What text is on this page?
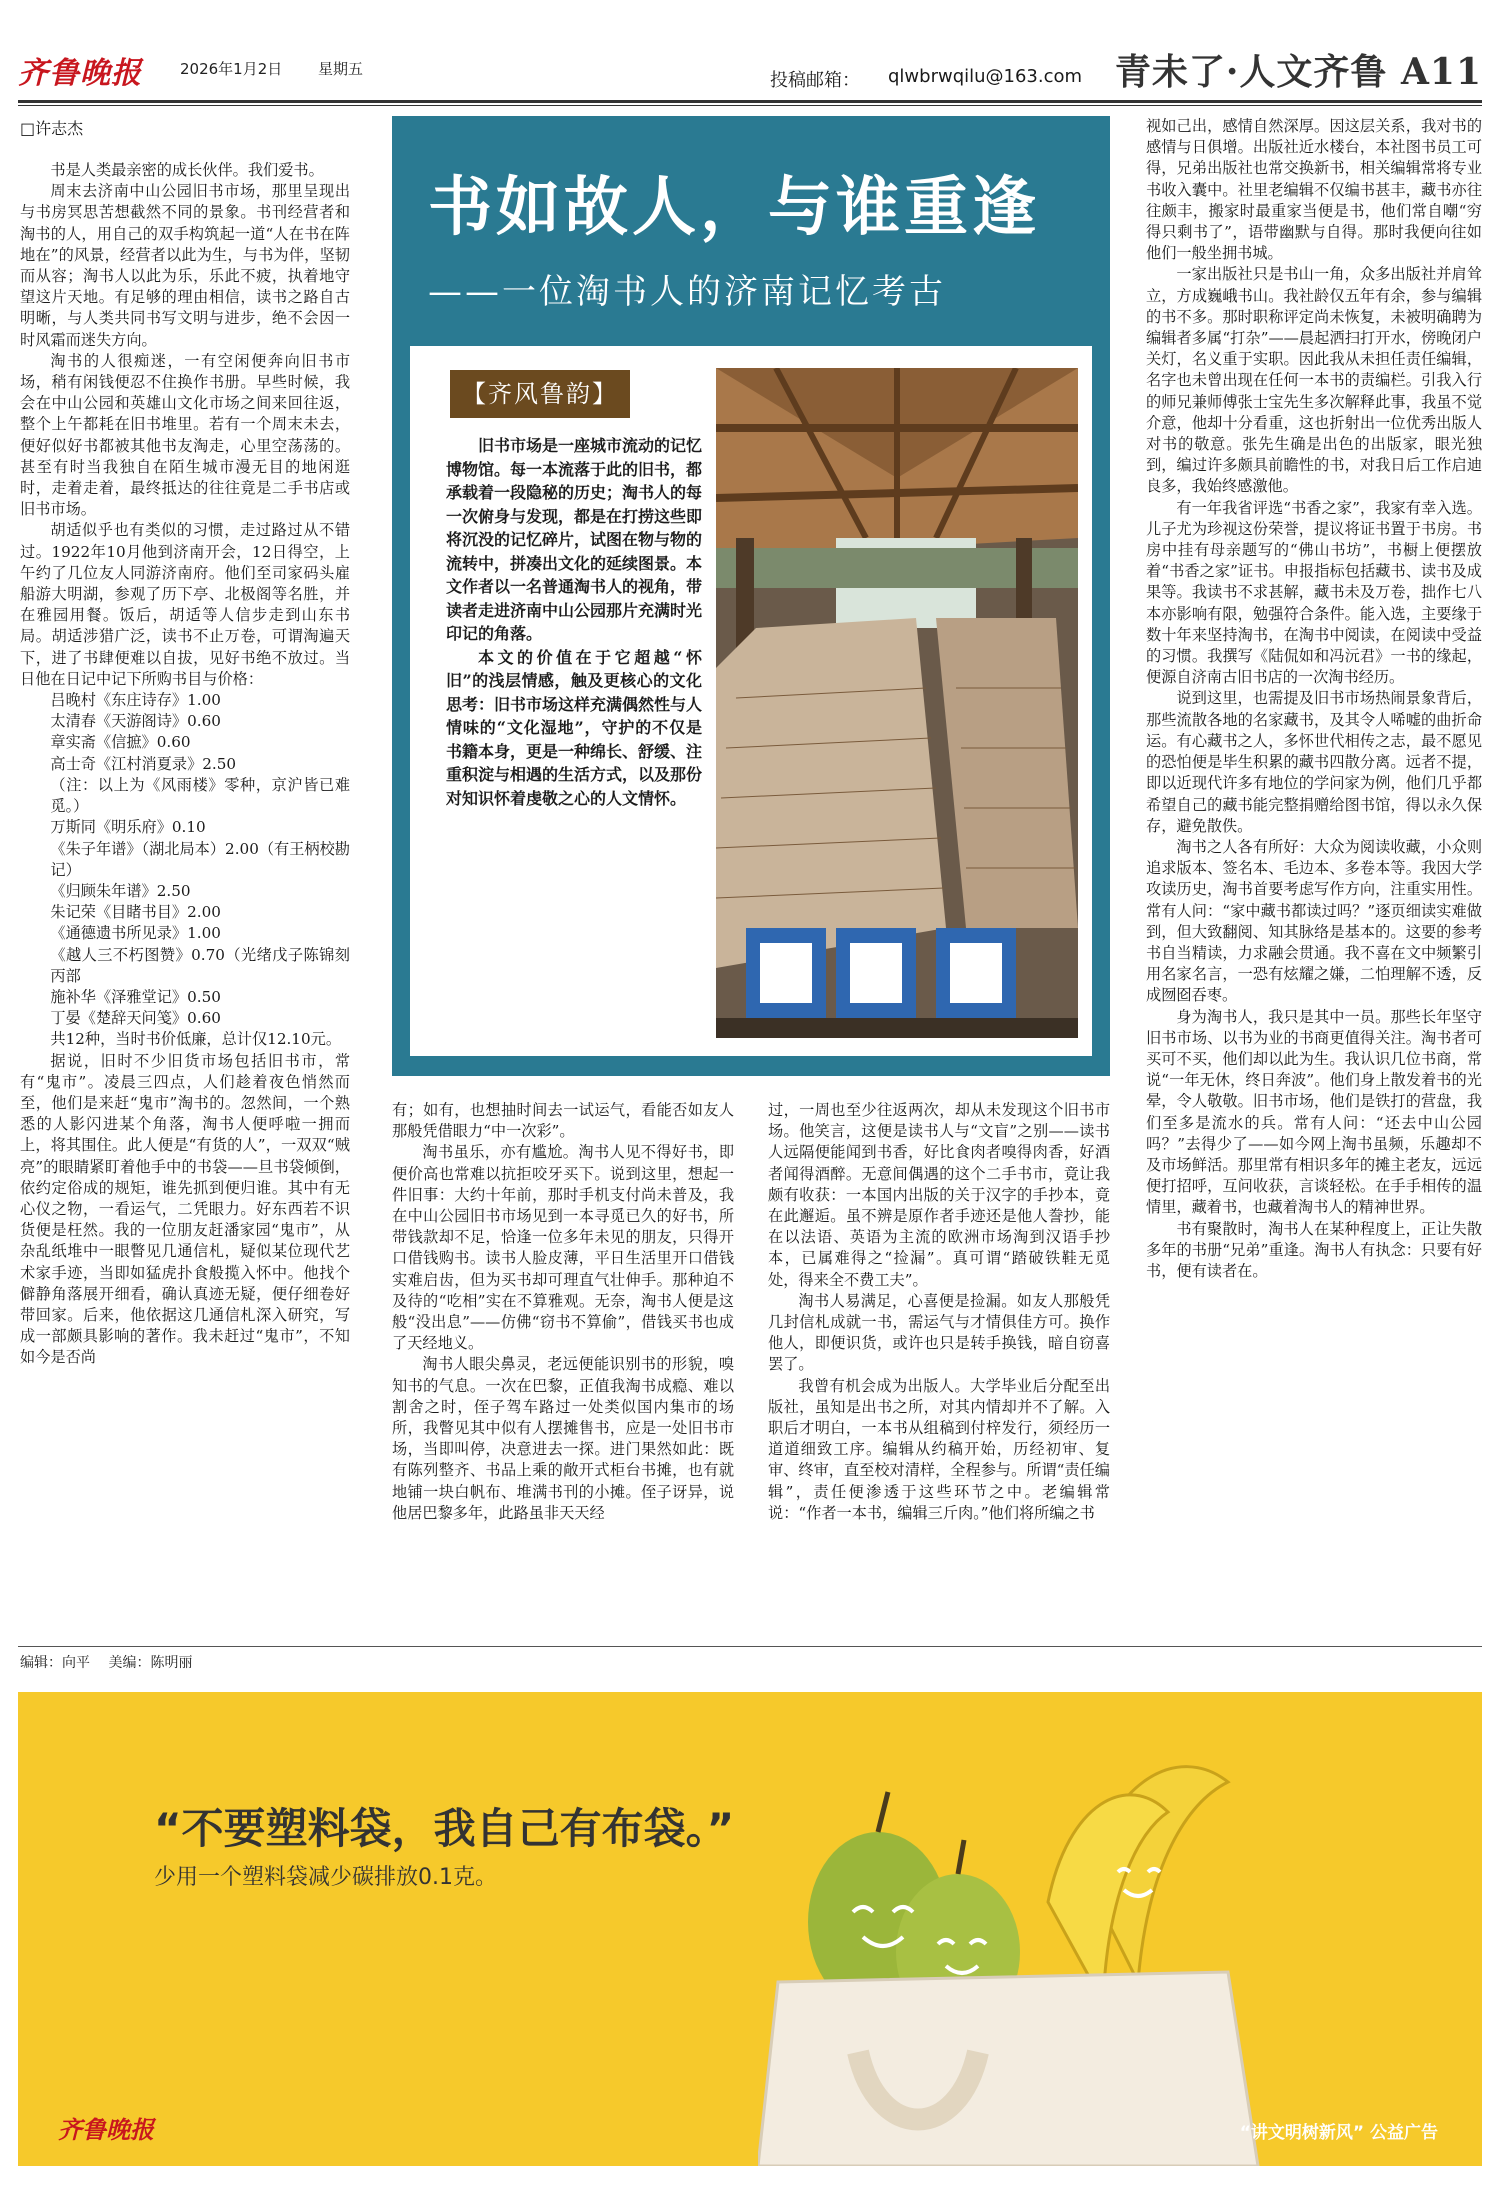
齐鲁晚报	2026年1月2日 星期五
投稿邮箱： qlwbrwqilu@163.com 青未了·人文齐鲁 A11
□许志杰

书是人类最亲密的成长伙伴。我们爱书。

周末去济南中山公园旧书市场，那里呈现出与书房冥思苦想截然不同的景象。书刊经营者和淘书的人，用自己的双手构筑起一道“人在书在阵地在”的风景，经营者以此为生，与书为伴，坚韧而从容；淘书人以此为乐，乐此不疲，执着地守望这片天地。有足够的理由相信，读书之路自古明晰，与人类共同书写文明与进步，绝不会因一时风霜而迷失方向。

淘书的人很痴迷，一有空闲便奔向旧书市场，稍有闲钱便忍不住换作书册。早些时候，我会在中山公园和英雄山文化市场之间来回往返，整个上午都耗在旧书堆里。若有一个周末未去，便好似好书都被其他书友淘走，心里空荡荡的。甚至有时当我独自在陌生城市漫无目的地闲逛时，走着走着，最终抵达的往往竟是二手书店或旧书市场。

胡适似乎也有类似的习惯，走过路过从不错过。1922年10月他到济南开会，12日得空，上午约了几位友人同游济南府。他们至司家码头雇船游大明湖，参观了历下亭、北极阁等名胜，并在雅园用餐。饭后，胡适等人信步走到山东书局。胡适涉猎广泛，读书不止万卷，可谓淘遍天下，进了书肆便难以自拔，见好书绝不放过。当日他在日记中记下所购书目与价格：

吕晚村《东庄诗存》1.00

太清春《天游阁诗》0.60

章实斋《信摭》0.60

高士奇《江村消夏录》2.50

（注：以上为《风雨楼》零种，京沪皆已难觅。）

万斯同《明乐府》0.10

《朱子年谱》（湖北局本）2.00（有王柄校勘记）

《归顾朱年谱》2.50

朱记荣《目睹书目》2.00

《通德遗书所见录》1.00

《越人三不朽图赞》0.70（光绪戊子陈锦刻丙部

施补华《泽雅堂记》0.50

丁晏《楚辞天问笺》0.60

共12种，当时书价低廉，总计仅12.10元。

据说，旧时不少旧货市场包括旧书市，常有“鬼市”。凌晨三四点，人们趁着夜色悄然而至，他们是来赶“鬼市”淘书的。忽然间，一个熟悉的人影闪进某个角落，淘书人便呼啦一拥而上，将其围住。此人便是“有货的人”，一双双“贼亮”的眼睛紧盯着他手中的书袋——旦书袋倾倒，依约定俗成的规矩，谁先抓到便归谁。其中有无心仪之物，一看运气，二凭眼力。好东西若不识货便是枉然。我的一位朋友赶潘家园“鬼市”，从杂乱纸堆中一眼瞥见几通信札，疑似某位现代艺术家手迹，当即如猛虎扑食般揽入怀中。他找个僻静角落展开细看，确认真迹无疑，便仔细卷好带回家。后来，他依据这几通信札深入研究，写成一部颇具影响的著作。我未赶过“鬼市”，不知如今是否尚

书如故人，与谁重逢
——一位淘书人的济南记忆考古
【齐风鲁韵】

旧书市场是一座城市流动的记忆博物馆。每一本流落于此的旧书，都承载着一段隐秘的历史；淘书人的每一次俯身与发现，都是在打捞这些即将沉没的记忆碎片，试图在物与物的流转中，拼凑出文化的延续图景。本文作者以一名普通淘书人的视角，带读者走进济南中山公园那片充满时光印记的角落。

本文的价值在于它超越“怀旧”的浅层情感，触及更核心的文化思考：旧书市场这样充满偶然性与人情味的“文化湿地”，守护的不仅是书籍本身，更是一种绵长、舒缓、注重积淀与相遇的生活方式，以及那份对知识怀着虔敬之心的人文情怀。

有；如有，也想抽时间去一试运气，看能否如友人那般凭借眼力“中一次彩”。

淘书虽乐，亦有尴尬。淘书人见不得好书，即便价高也常难以抗拒咬牙买下。说到这里，想起一件旧事：大约十年前，那时手机支付尚未普及，我在中山公园旧书市场见到一本寻觅已久的好书，所带钱款却不足，恰逢一位多年未见的朋友，只得开口借钱购书。读书人脸皮薄，平日生活里开口借钱实难启齿，但为买书却可理直气壮伸手。那种迫不及待的“吃相”实在不算雅观。无奈，淘书人便是这般“没出息”——仿佛“窃书不算偷”，借钱买书也成了天经地义。

淘书人眼尖鼻灵，老远便能识别书的形貌，嗅知书的气息。一次在巴黎，正值我淘书成瘾、难以割舍之时，侄子驾车路过一处类似国内集市的场所，我瞥见其中似有人摆摊售书，应是一处旧书市场，当即叫停，决意进去一探。进门果然如此：既有陈列整齐、书品上乘的敞开式柜台书摊，也有就地铺一块白帆布、堆满书刊的小摊。侄子讶异，说他居巴黎多年，此路虽非天天经

过，一周也至少往返两次，却从未发现这个旧书市场。他笑言，这便是读书人与“文盲”之别——读书人远隔便能闻到书香，好比食肉者嗅得肉香，好酒者闻得酒醉。无意间偶遇的这个二手书市，竟让我颇有收获：一本国内出版的关于汉字的手抄本，竟在此邂逅。虽不辨是原作者手迹还是他人誊抄，能在以法语、英语为主流的欧洲市场淘到汉语手抄本，已属难得之“捡漏”。真可谓“踏破铁鞋无觅处，得来全不费工夫”。

淘书人易满足，心喜便是捡漏。如友人那般凭几封信札成就一书，需运气与才情俱佳方可。换作他人，即便识货，或许也只是转手换钱，暗自窃喜罢了。

我曾有机会成为出版人。大学毕业后分配至出版社，虽知是出书之所，对其内情却并不了解。入职后才明白，一本书从组稿到付梓发行，须经历一道道细致工序。编辑从约稿开始，历经初审、复审、终审，直至校对清样，全程参与。所谓“责任编辑”，责任便渗透于这些环节之中。老编辑常说：“作者一本书，编辑三斤肉。”他们将所编之书

视如己出，感情自然深厚。因这层关系，我对书的感情与日俱增。出版社近水楼台，本社图书员工可得，兄弟出版社也常交换新书，相关编辑常将专业书收入囊中。社里老编辑不仅编书甚丰，藏书亦往往颇丰，搬家时最重家当便是书，他们常自嘲“穷得只剩书了”，语带幽默与自得。那时我便向往如他们一般坐拥书城。

一家出版社只是书山一角，众多出版社并肩耸立，方成巍峨书山。我社龄仅五年有余，参与编辑的书不多。那时职称评定尚未恢复，未被明确聘为编辑者多属“打杂”——晨起洒扫打开水，傍晚闭户关灯，名义重于实职。因此我从未担任责任编辑，名字也未曾出现在任何一本书的责编栏。引我入行的师兄兼师傅张士宝先生多次解释此事，我虽不觉介意，他却十分看重，这也折射出一位优秀出版人对书的敬意。张先生确是出色的出版家，眼光独到，编过许多颇具前瞻性的书，对我日后工作启迪良多，我始终感激他。

有一年我省评选“书香之家”，我家有幸入选。儿子尤为珍视这份荣誉，提议将证书置于书房。书房中挂有母亲题写的“佛山书坊”，书橱上便摆放着“书香之家”证书。申报指标包括藏书、读书及成果等。我读书不求甚解，藏书未及万卷，拙作七八本亦影响有限，勉强符合条件。能入选，主要缘于数十年来坚持淘书，在淘书中阅读，在阅读中受益的习惯。我撰写《陆侃如和冯沅君》一书的缘起，便源自济南古旧书店的一次淘书经历。

说到这里，也需提及旧书市场热闹景象背后，那些流散各地的名家藏书，及其令人唏嘘的曲折命运。有心藏书之人，多怀世代相传之志，最不愿见的恐怕便是毕生积累的藏书四散分离。远者不提，即以近现代许多有地位的学问家为例，他们几乎都希望自己的藏书能完整捐赠给图书馆，得以永久保存，避免散佚。

淘书之人各有所好：大众为阅读收藏，小众则追求版本、签名本、毛边本、多卷本等。我因大学攻读历史，淘书首要考虑写作方向，注重实用性。常有人问：“家中藏书都读过吗？”逐页细读实难做到，但大致翻阅、知其脉络是基本的。这要的参考书自当精读，力求融会贯通。我不喜在文中频繁引用名家名言，一恐有炫耀之嫌，二怕理解不透，反成囫囵吞枣。

身为淘书人，我只是其中一员。那些长年坚守旧书市场、以书为业的书商更值得关注。淘书者可买可不买，他们却以此为生。我认识几位书商，常说“一年无休，终日奔波”。他们身上散发着书的光晕，令人敬敬。旧书市场，他们是铁打的营盘，我们至多是流水的兵。常有人问：“还去中山公园吗？”去得少了——如今网上淘书虽频，乐趣却不及市场鲜活。那里常有相识多年的摊主老友，远远便打招呼，互问收获，言谈轻松。在手手相传的温情里，藏着书，也藏着淘书人的精神世界。

书有聚散时，淘书人在某种程度上，正让失散多年的书册“兄弟”重逢。淘书人有执念：只要有好书，便有读者在。

编辑：向平 美编：陈明丽
“不要塑料袋，我自己有布袋。”
少用一个塑料袋减少碳排放0.1克。
齐鲁晚报	“讲文明树新风” 公益广告
